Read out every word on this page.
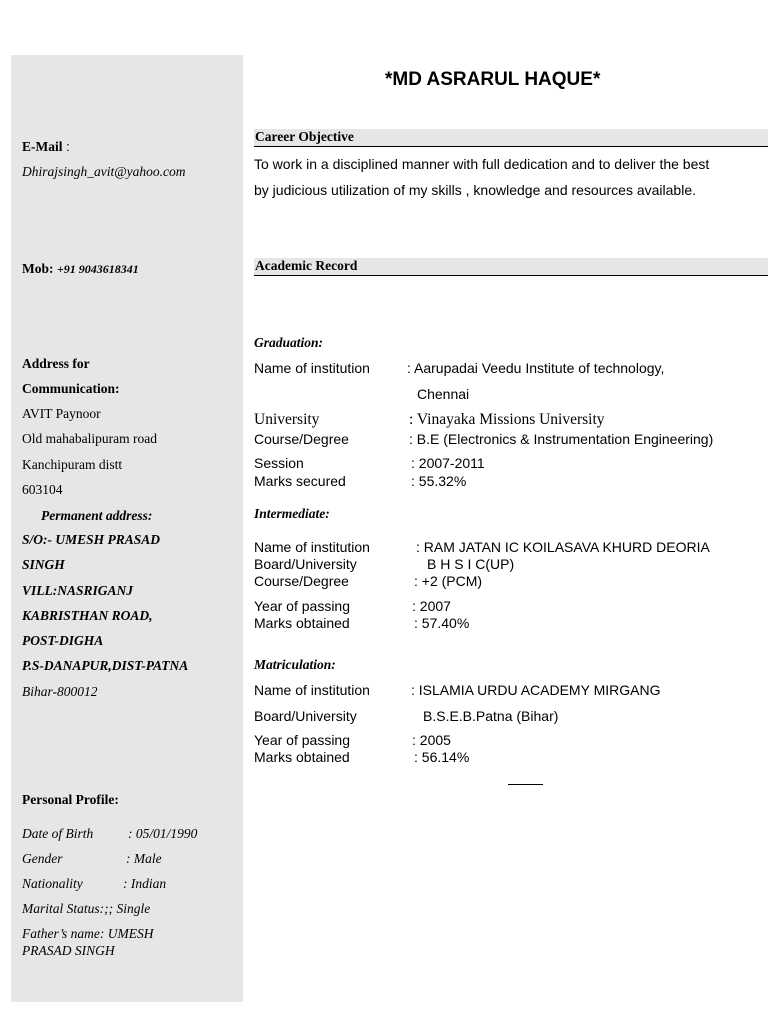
E-Mail :
Dhirajsingh_avit@yahoo.com
Mob: +91 9043618341
Address for
Communication:
AVIT Paynoor
Old mahabalipuram road
Kanchipuram distt
603104
Permanent address:
S/O:- UMESH PRASAD
SINGH
VILL:NASRIGANJ
KABRISTHAN ROAD,
POST-DIGHA
P.S-DANAPUR,DIST-PATNA
Bihar-800012
Personal Profile:
Date of Birth	: 05/01/1990
Gender	: Male
Nationality	: Indian
Marital Status:;; Single
Father’s name: UMESH
PRASAD SINGH
*MD ASRARUL HAQUE*
Career Objective
To work in a disciplined manner with full dedication and to deliver the best
by judicious utilization of my skills , knowledge and resources available.
Academic Record
Graduation:
Name of institution	: Aarupadai Veedu Institute of technology,
Chennai
University	: Vinayaka Missions University
Course/Degree	: B.E (Electronics & Instrumentation Engineering)
Session	: 2007-2011
Marks secured	: 55.32%
Intermediate:
Name of institution	: RAM JATAN IC KOILASAVA KHURD DEORIA
Board/University	B H S I C(UP)
Course/Degree	: +2 (PCM)
Year of passing	: 2007
Marks obtained	: 57.40%
Matriculation:
Name of institution	: ISLAMIA URDU ACADEMY MIRGANG
Board/University	B.S.E.B.Patna (Bihar)
Year of passing	: 2005
Marks obtained	: 56.14%
